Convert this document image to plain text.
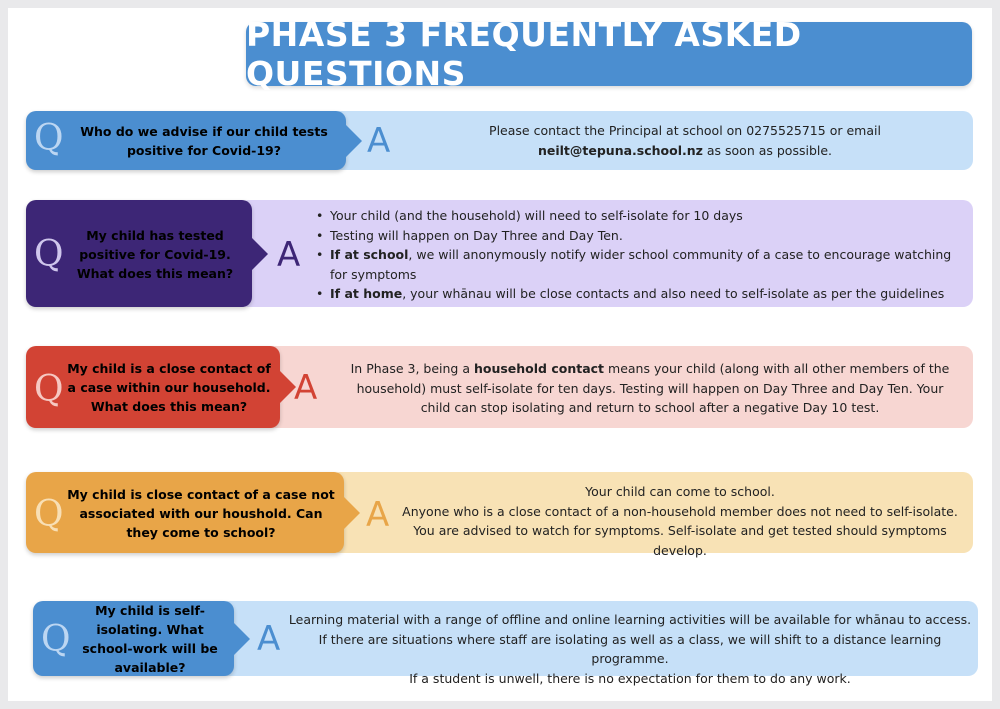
PHASE 3 FREQUENTLY ASKED QUESTIONS
Q	Who do we advise if our child tests positive for Covid-19?	A	Please contact the Principal at school on 0275525715 or email neilt@tepuna.school.nz as soon as possible.
Q	My child has tested positive for Covid-19. What does this mean?	A
• Your child (and the household) will need to self-isolate for 10 days
• Testing will happen on Day Three and Day Ten.
• If at school, we will anonymously notify wider school community of a case to encourage watching for symptoms
• If at home, your whānau will be close contacts and also need to self-isolate as per the guidelines
Q
My child is a close contact of a case within our household. What does this mean?	A	In Phase 3, being a household contact means your child (along with all other members of the household) must self-isolate for ten days. Testing will happen on Day Three and Day Ten. Your child can stop isolating and return to school after a negative Day 10 test.
Q My child is close contact of a case not associated with our houshold. Can they come to school?	A
Your child can come to school.
Anyone who is a close contact of a non-household member does not need to self-isolate.
You are advised to watch for symptoms. Self-isolate and get tested should symptoms develop.
Q
My child is self-isolating. What school-work will be available?
A Learning material with a range of offline and online learning activities will be available for whānau to access.
If there are situations where staff are isolating as well as a class, we will shift to a distance learning programme.
If a student is unwell, there is no expectation for them to do any work.
